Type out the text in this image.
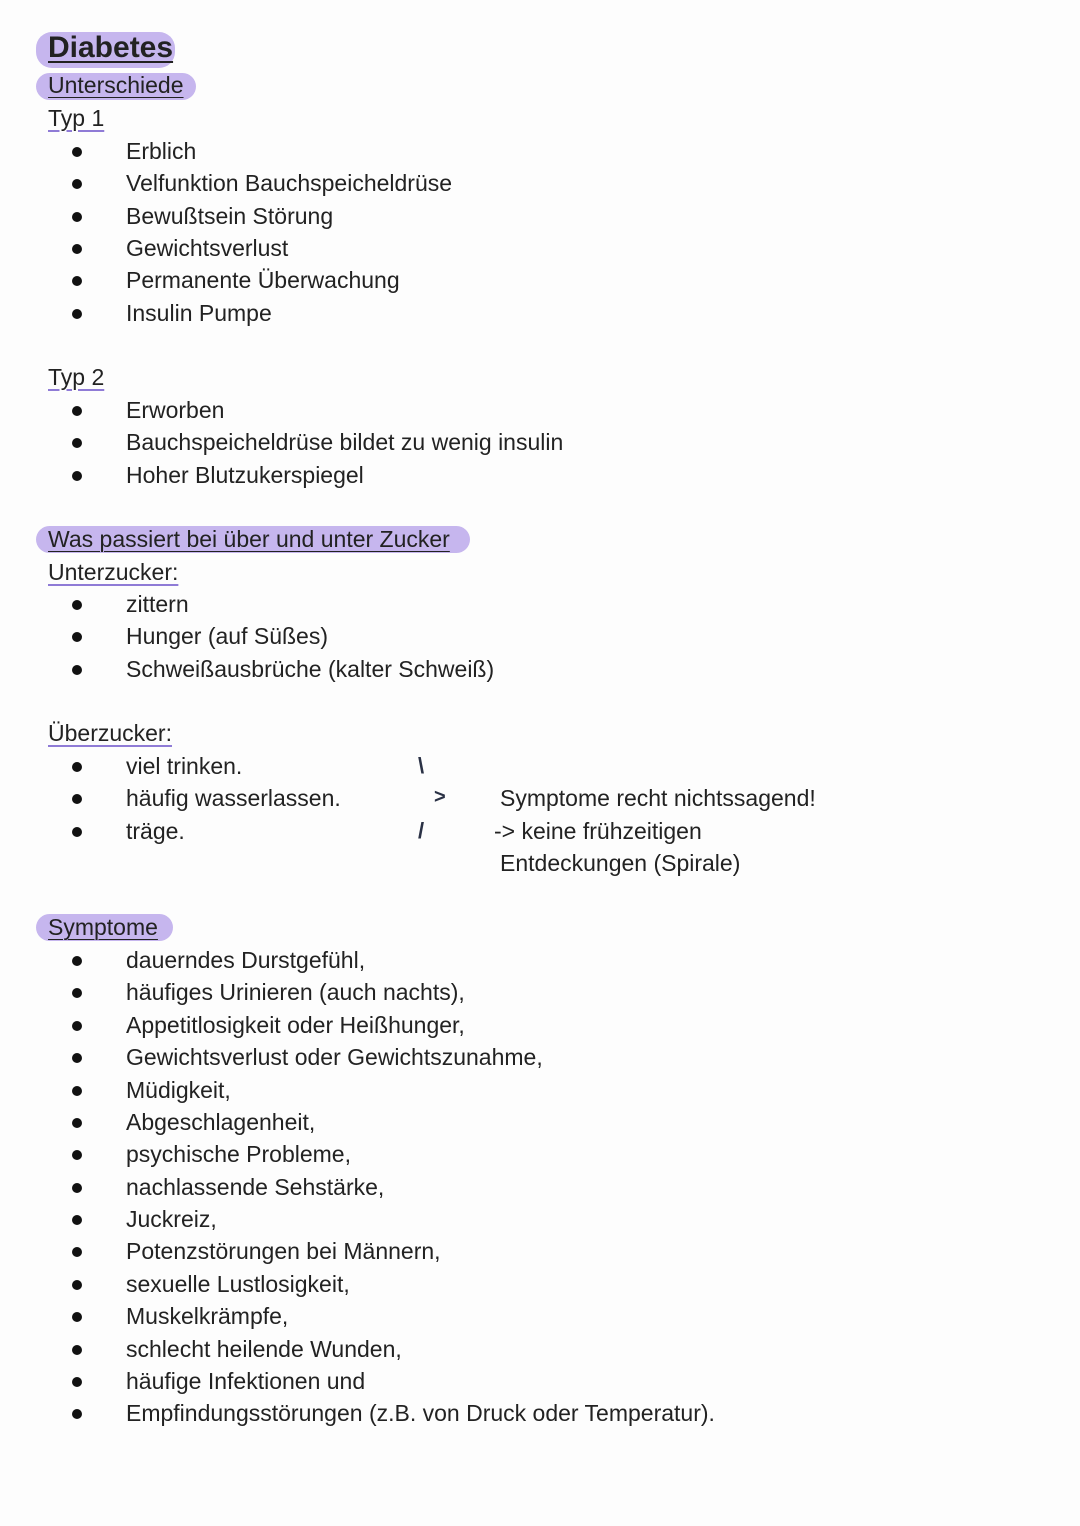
Diabetes
Unterschiede
Typ 1
Erblich
Velfunktion Bauchspeicheldrüse
Bewußtsein Störung
Gewichtsverlust
Permanente Überwachung
Insulin Pumpe
Typ 2
Erworben
Bauchspeicheldrüse bildet zu wenig insulin
Hoher Blutzukerspiegel
Was passiert bei über und unter Zucker
Unterzucker:
zittern
Hunger (auf Süßes)
Schweißausbrüche (kalter Schweiß)
Überzucker:
viel trinken.
häufig wasserlassen.
träge.
\
>
/
Symptome recht nichtssagend!
-> keine frühzeitigen
Entdeckungen (Spirale)
Symptome
dauerndes Durstgefühl,
häufiges Urinieren (auch nachts),
Appetitlosigkeit oder Heißhunger,
Gewichtsverlust oder Gewichtszunahme,
Müdigkeit,
Abgeschlagenheit,
psychische Probleme,
nachlassende Sehstärke,
Juckreiz,
Potenzstörungen bei Männern,
sexuelle Lustlosigkeit,
Muskelkrämpfe,
schlecht heilende Wunden,
häufige Infektionen und
Empfindungsstörungen (z.B. von Druck oder Temperatur).
